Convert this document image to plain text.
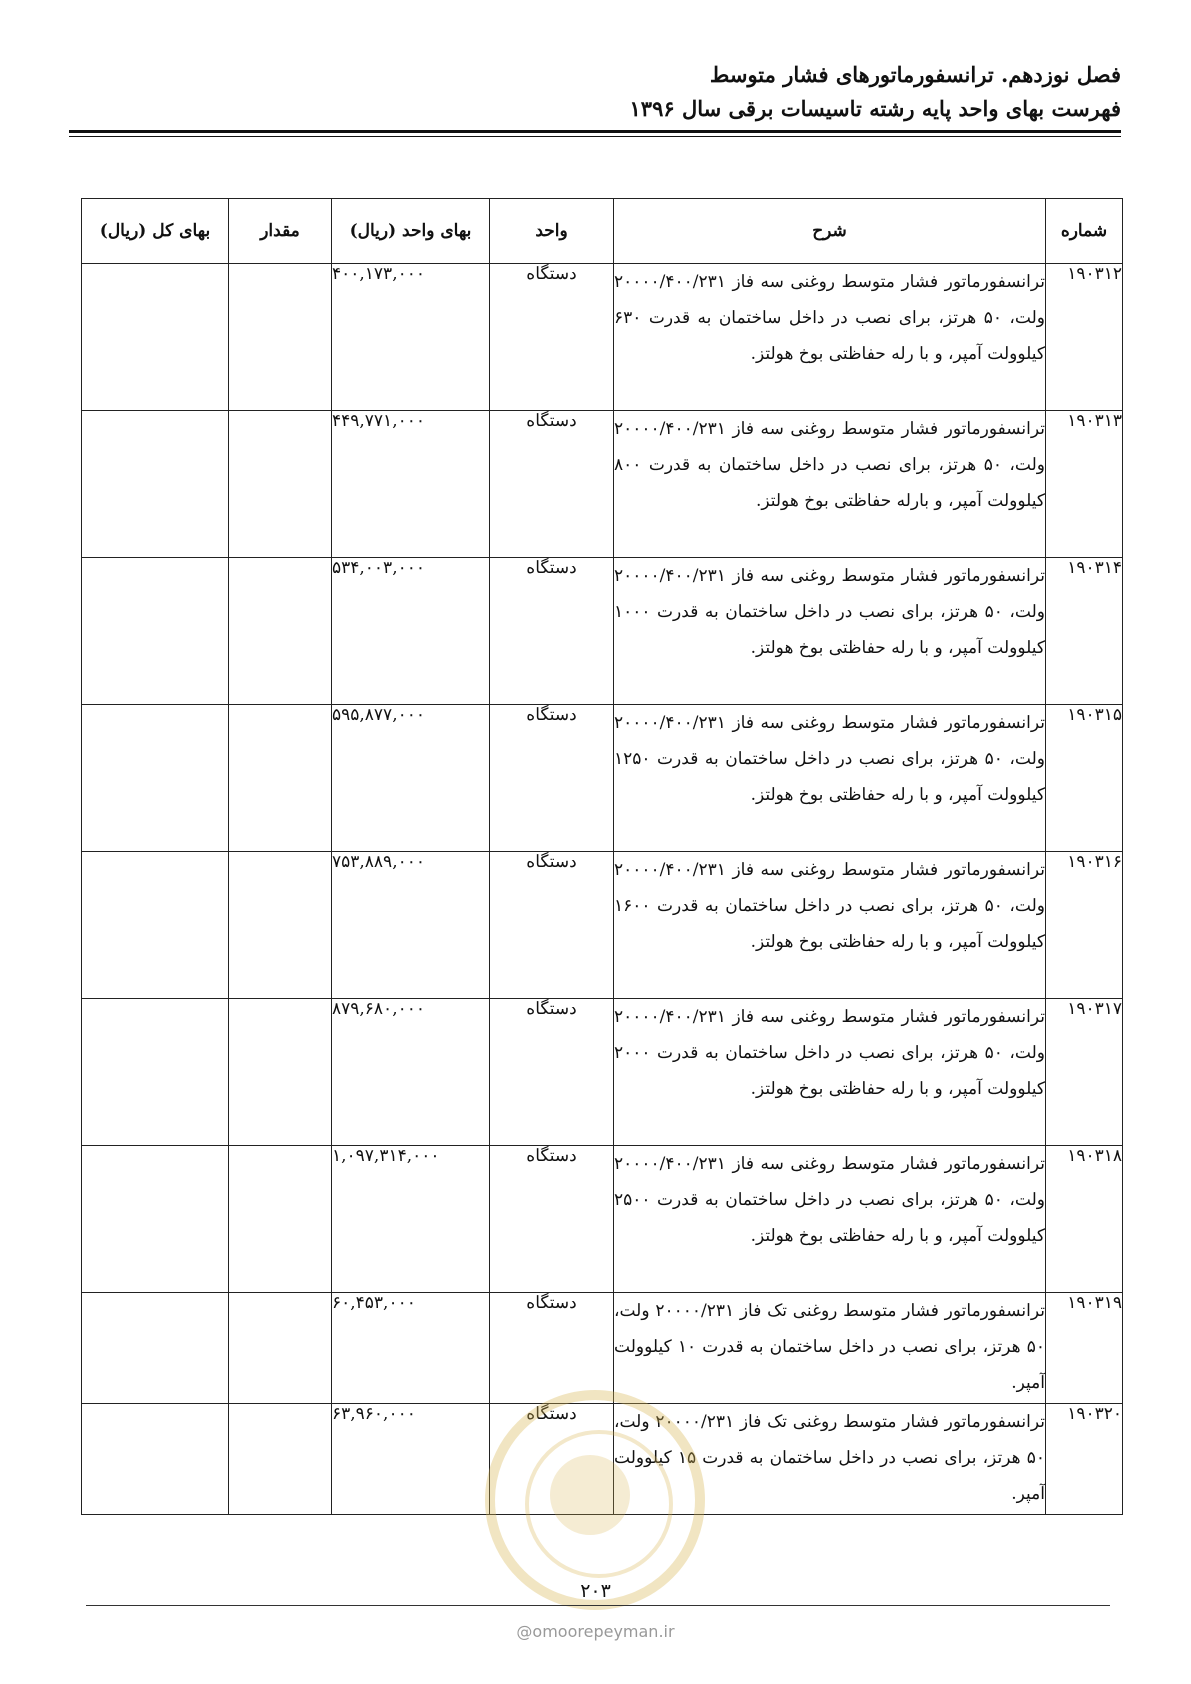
فصل نوزدهم. ترانسفورماتورهای فشار متوسط
فهرست بهای واحد پایه رشته تاسیسات برقی سال ۱۳۹۶
شماره	شرح	واحد	بهای واحد (ریال)	مقدار	بهای کل (ریال)
۱۹۰۳۱۲	ترانسفورماتور فشار متوسط روغنی سه فاز ۲۰۰۰۰/۴۰۰/۲۳۱ ولت، ۵۰ هرتز، برای نصب در داخل ساختمان به قدرت ۶۳۰ کیلوولت آمپر، و با رله حفاظتی بوخ هولتز.	دستگاه	۴۰۰,۱۷۳,۰۰۰		
۱۹۰۳۱۳	ترانسفورماتور فشار متوسط روغنی سه فاز ۲۰۰۰۰/۴۰۰/۲۳۱ ولت، ۵۰ هرتز، برای نصب در داخل ساختمان به قدرت ۸۰۰ کیلوولت آمپر، و بارله حفاظتی بوخ هولتز.	دستگاه	۴۴۹,۷۷۱,۰۰۰		
۱۹۰۳۱۴	ترانسفورماتور فشار متوسط روغنی سه فاز ۲۰۰۰۰/۴۰۰/۲۳۱ ولت، ۵۰ هرتز، برای نصب در داخل ساختمان به قدرت ۱۰۰۰ کیلوولت آمپر، و با رله حفاظتی بوخ هولتز.	دستگاه	۵۳۴,۰۰۳,۰۰۰		
۱۹۰۳۱۵	ترانسفورماتور فشار متوسط روغنی سه فاز ۲۰۰۰۰/۴۰۰/۲۳۱ ولت، ۵۰ هرتز، برای نصب در داخل ساختمان به قدرت ۱۲۵۰ کیلوولت آمپر، و با رله حفاظتی بوخ هولتز.	دستگاه	۵۹۵,۸۷۷,۰۰۰		
۱۹۰۳۱۶	ترانسفورماتور فشار متوسط روغنی سه فاز ۲۰۰۰۰/۴۰۰/۲۳۱ ولت، ۵۰ هرتز، برای نصب در داخل ساختمان به قدرت ۱۶۰۰ کیلوولت آمپر، و با رله حفاظتی بوخ هولتز.	دستگاه	۷۵۳,۸۸۹,۰۰۰		
۱۹۰۳۱۷	ترانسفورماتور فشار متوسط روغنی سه فاز ۲۰۰۰۰/۴۰۰/۲۳۱ ولت، ۵۰ هرتز، برای نصب در داخل ساختمان به قدرت ۲۰۰۰ کیلوولت آمپر، و با رله حفاظتی بوخ هولتز.	دستگاه	۸۷۹,۶۸۰,۰۰۰		
۱۹۰۳۱۸	ترانسفورماتور فشار متوسط روغنی سه فاز ۲۰۰۰۰/۴۰۰/۲۳۱ ولت، ۵۰ هرتز، برای نصب در داخل ساختمان به قدرت ۲۵۰۰ کیلوولت آمپر، و با رله حفاظتی بوخ هولتز.	دستگاه	۱,۰۹۷,۳۱۴,۰۰۰		
۱۹۰۳۱۹	ترانسفورماتور فشار متوسط روغنی تک فاز ۲۰۰۰۰/۲۳۱ ولت، ۵۰ هرتز، برای نصب در داخل ساختمان به قدرت ۱۰ کیلوولت آمپر.	دستگاه	۶۰,۴۵۳,۰۰۰		
۱۹۰۳۲۰	ترانسفورماتور فشار متوسط روغنی تک فاز ۲۰۰۰۰/۲۳۱ ولت، ۵۰ هرتز، برای نصب در داخل ساختمان به قدرت ۱۵ کیلوولت آمپر.	دستگاه	۶۳,۹۶۰,۰۰۰		
۲۰۳
@omoorepeyman.ir
